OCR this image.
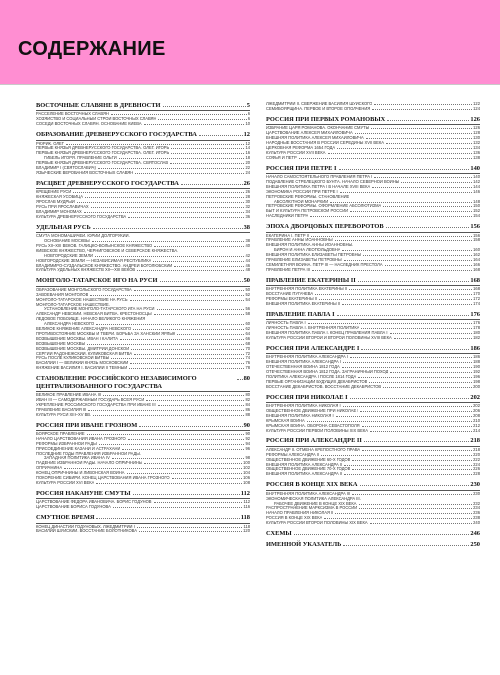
СОДЕРЖАНИЕ
ВОСТОЧНЫЕ СЛАВЯНЕ В ДРЕВНОСТИ	5
РАССЕЛЕНИЕ ВОСТОЧНЫХ СЛАВЯН	6
ХОЗЯЙСТВО И СОЦИАЛЬНЫЙ СТРОЙ ВОСТОЧНЫХ СЛАВЯН	6
СОСЕДИ ВОСТОЧНЫХ СЛАВЯН. ОСНОВАНИЕ КИЕВА	10
ОБРАЗОВАНИЕ ДРЕВНЕРУССКОГО ГОСУДАРСТВА	12
РЮРИК. ОЛЕГ	12
ПЕРВЫЕ КНЯЗЬЯ ДРЕВНЕРУССКОГО ГОСУДАРСТВА. ОЛЕГ. ИГОРЬ	14
ПЕРВЫЕ КНЯЗЬЯ ДРЕВНЕРУССКОГО ГОСУДАРСТВА. ОЛЕГ. ИГОРЬ	16
ГИБЕЛЬ ИГОРЯ. ПРАВЛЕНИЕ ОЛЬГИ	18
ПЕРВЫЕ КНЯЗЬЯ ДРЕВНЕРУССКОГО ГОСУДАРСТВА. СВЯТОСЛАВ	20
ВЛАДИМИР I (СВЯТОСЛАВИЧ)	22
ЯЗЫЧЕСКИЕ ВЕРОВАНИЯ ВОСТОЧНЫХ СЛАВЯН	24
РАСЦВЕТ ДРЕВНЕРУССКОГО ГОСУДАРСТВА	26
КРЕЩЕНИЕ РУСИ	26
КНЯЖЕСКАЯ УСОБИЦА	28
ЯРОСЛАВ МУДРЫЙ	30
РУСЬ ПРИ ЯРОСЛАВИЧАХ	32
ВЛАДИМИР МОНОМАХ	34
КУЛЬТУРА ДРЕВНЕРУССКОГО ГОСУДАРСТВА	36
УДЕЛЬНАЯ РУСЬ	38
СМУТА МОНОМАШИЧЕЙ. ЮРИЙ ДОЛГОРУКИЙ.
ОСНОВАНИЕ МОСКВЫ	38
РУСЬ XII–XIII ВЕКОВ. ГАЛИЦКО-ВОЛЫНСКОЕ КНЯЖЕСТВО	40
КИЕВСКОЕ КНЯЖЕСТВО, ЧЕРНИГОВСКОЕ И СЕВЕРСКОЕ КНЯЖЕСТВА.
НОВГОРОДСКИЕ ЗЕМЛИ	42
НОВГОРОДСКИЕ ЗЕМЛИ — НЕЗАВИСИМАЯ РЕСПУБЛИКА	44
ВЛАДИМИРО-СУЗДАЛЬСКОЕ КНЯЖЕСТВО. АНДРЕЙ БОГОЛЮБСКИЙ	46
КУЛЬТУРА УДЕЛЬНЫХ КНЯЖЕСТВ XII—XIII ВЕКОВ	48
МОНГОЛО-ТАТАРСКОЕ ИГО НА РУСИ	50
ОБРАЗОВАНИЕ МОНГОЛЬСКОГО ГОСУДАРСТВА	50
ЗАВОЕВАНИЯ МОНГОЛОВ	52
МОНГОЛО-ТАТАРСКОЕ НАШЕСТВИЕ НА РУСЬ	54
МОНГОЛО-ТАТАРСКОЕ НАШЕСТВИЕ.
УСТАНОВЛЕНИЕ МОНГОЛО-ТАТАРСКОГО ИГА НА РУСИ	56
АЛЕКСАНДР НЕВСКИЙ. НЕВСКАЯ БИТВА. КРЕСТОНОСЦЫ	58
ЛЕДОВОЕ ПОБОИЩЕ. НАЧАЛО ВЕЛИКОГО КНЯЖЕНИЯ
АЛЕКСАНДРА НЕВСКОГО	60
ВЕЛИКОЕ КНЯЖЕНИЕ АЛЕКСАНДРА НЕВСКОГО	62
ПРОТИВОСТОЯНИЕ МОСКВЫ И ТВЕРИ. БОРЬБА ЗА ХАНСКИЙ ЯРЛЫК	64
ВОЗВЫШЕНИЕ МОСКВЫ. ИВАН I КАЛИТА	66
ВОЗВЫШЕНИЕ МОСКВЫ	68
ВОЗВЫШЕНИЕ МОСКВЫ. ДМИТРИЙ ДОНСКОЙ	70
СЕРГИЙ РАДОНЕЖСКИЙ. КУЛИКОВСКАЯ БИТВА	72
РУСЬ ПОСЛЕ КУЛИКОВСКОЙ БИТВЫ	74
ВАСИЛИЙ I — ВЕЛИКИЙ КНЯЗЬ МОСКОВСКИЙ	76
КНЯЖЕНИЕ ВАСИЛИЯ I. ВАСИЛИЙ II ТЕМНЫЙ	78
СТАНОВЛЕНИЕ РОССИЙСКОГО НЕЗАВИСИМОГО ЦЕНТРАЛИЗОВАННОГО ГОСУДАРСТВА
80
ВЕЛИКОЕ ПРАВЛЕНИЕ ИВАНА III	80
ИВАН III — САМОДЕРЖАВНЫЙ ГОСУДАРЬ ВСЕЯ РУСИ	82
УКРЕПЛЕНИЕ РОССИЙСКОГО ГОСУДАРСТВА ПРИ ИВАНЕ III	84
ПРАВЛЕНИЕ ВАСИЛИЯ III	86
КУЛЬТУРА РУСИ XIII–XV ВВ.	88
РОССИЯ ПРИ ИВАНЕ ГРОЗНОМ	90
БОЯРСКОЕ ПРАВЛЕНИЕ	90
НАЧАЛО ЦАРСТВОВАНИЯ ИВАНА ГРОЗНОГО	92
РЕФОРМЫ ИЗБРАННОЙ РАДЫ	94
ПРИСОЕДИНЕНИЕ КАЗАНИ И АСТРАХАНИ	96
ПОСЛЕДНИЕ ГОДЫ ПРАВЛЕНИЯ ИЗБРАННОЙ РАДЫ.
ЗАПАДНАЯ ПОЛИТИКА ИВАНА IV	98
ПАДЕНИЕ ИЗБРАННОЙ РАДЫ. НАЧАЛО ОПРИЧНИНЫ	100
ОПРИЧНИНА	102
КОНЕЦ ОПРИЧНИНЫ И ЛИВОНСКАЯ ВОЙНА	104
ПОКОРЕНИЕ СИБИРИ. КОНЕЦ ЦАРСТВОВАНИЯ ИВАНА ГРОЗНОГО	106
КУЛЬТУРА РОССИИ XVI ВЕКА	108
РОССИЯ НАКАНУНЕ СМУТЫ	112
ЦАРСТВОВАНИЕ ФЁДОРА ИВАНОВИЧА. БОРИС ГОДУНОВ	112
ЦАРСТВОВАНИЕ БОРИСА ГОДУНОВА	116
СМУТНОЕ ВРЕМЯ	118
КОНЕЦ ДИНАСТИИ ГОДУНОВЫХ. ЛЖЕДМИТРИЙ I	118
ВАСИЛИЙ ШУЙСКИЙ. ВОССТАНИЕ БОЛОТНИКОВА	120
ЛЖЕДМИТРИЙ II. СВЕРЖЕНИЕ ВАСИЛИЯ ШУЙСКОГО	122
СЕМИБОЯРЩИНА. ПЕРВОЕ И ВТОРОЕ ОПОЛЧЕНИЯ	124
РОССИЯ ПРИ ПЕРВЫХ РОМАНОВЫХ	126
ИЗБРАНИЕ ЦАРЯ РОМАНОВА. ОКОНЧАНИЕ СМУТЫ	126
ЦАРСТВОВАНИЕ АЛЕКСЕЯ МИХАЙЛОВИЧА	128
ВНЕШНЯЯ ПОЛИТИКА АЛЕКСЕЯ МИХАЙЛОВИЧА	130
НАРОДНЫЕ ВОССТАНИЯ В РОССИИ СЕРЕДИНЫ XVII ВЕКА	132
ЦЕРКОВНАЯ РЕФОРМА 1654 ГОДА	134
КУЛЬТУРА РОССИИ XVII ВЕКА	136
СОФЬЯ И ПЁТР	138
РОССИЯ ПРИ ПЕТРЕ I	140
НАЧАЛО САМОСТОЯТЕЛЬНОГО ПРАВЛЕНИЯ ПЕТРА I	140
ПОДАВЛЕНИЕ СТРЕЛЕЦКОГО БУНТА. НАЧАЛО СЕВЕРНОЙ ВОЙНЫ	142
ВНЕШНЯЯ ПОЛИТИКА ПЕТРА I В НАЧАЛЕ XVIII ВЕКА	144
ЭКОНОМИКА РОССИИ ПРИ ПЕТРЕ I	146
ПЕТРОВСКИЕ РЕФОРМЫ. СТАНОВЛЕНИЕ
АБСОЛЮТНОЙ МОНАРХИИ	148
ПЕТРОВСКИЕ РЕФОРМЫ. ОФОРМЛЕНИЕ АБСОЛЮТИЗМА	150
БЫТ И КУЛЬТУРА ПЕТРОВСКОЙ РОССИИ	152
НАСЛЕДНИКИ ПЕТРА	154
ЭПОХА ДВОРЦОВЫХ ПЕРЕВОРОТОВ	156
ЕКАТЕРИНА I. ПЁТР II	156
ПРАВЛЕНИЕ АННЫ ИОАННОВНЫ	158
ВНЕШНЯЯ ПОЛИТИКА АННЫ ИОАННОВНЫ.
БИРОН И АННА ЛЕОПОЛЬДОВНА	160
ВНЕШНЯЯ ПОЛИТИКА ЕЛИЗАВЕТЫ ПЕТРОВНЫ	162
ПРАВЛЕНИЕ ЕЛИЗАВЕТЫ ПЕТРОВНЫ	164
СЕМИЛЕТНЯЯ ВОЙНА. ПЁТР III — НАСЛЕДНИК ПРЕСТОЛА	166
ПРАВЛЕНИЕ ПЕТРА III	168
ПРАВЛЕНИЕ ЕКАТЕРИНЫ II	168
ВНУТРЕННЯЯ ПОЛИТИКА ЕКАТЕРИНЫ II	168
ВОССТАНИЕ ПУГАЧЁВА	170
РЕФОРМЫ ЕКАТЕРИНЫ II	172
ВНЕШНЯЯ ПОЛИТИКА ЕКАТЕРИНЫ II	174
ПРАВЛЕНИЕ ПАВЛА I	176
ЛИЧНОСТЬ ПАВЛА I	176
ЛИЧНОСТЬ ПАВЛА I. ВНУТРЕННЯЯ ПОЛИТИКА	178
ВНЕШНЯЯ ПОЛИТИКА ПАВЛА I. КОНЕЦ ПРАВЛЕНИЯ ПАВЛА I	180
КУЛЬТУРА РОССИИ ВТОРОЙ И ВТОРОЙ ПОЛОВИНЫ XVIII ВЕКА	182
РОССИЯ ПРИ АЛЕКСАНДРЕ I	186
ВНУТРЕННЯЯ ПОЛИТИКА АЛЕКСАНДРА I	186
ВНЕШНЯЯ ПОЛИТИКА АЛЕКСАНДРА I	188
ОТЕЧЕСТВЕННАЯ ВОЙНА 1812 ГОДА	190
ОТЕЧЕСТВЕННАЯ ВОЙНА 1812 ГОДА. ЗАГРАНИЧНЫЙ ПОХОД	192
ПОЛИТИКА АЛЕКСАНДРА I ПОСЛЕ 1814 ГОДА	196
ПЕРВЫЕ ОРГАНИЗАЦИИ БУДУЩИХ ДЕКАБРИСТОВ	198
ВОССТАНИЕ ДЕКАБРИСТОВ. ВОССТАНИЕ ДЕКАБРИСТОВ	200
РОССИЯ ПРИ НИКОЛАЕ I	202
ВНУТРЕННЯЯ ПОЛИТИКА НИКОЛАЯ I	202
ОБЩЕСТВЕННОЕ ДВИЖЕНИЕ ПРИ НИКОЛАЕ I	206
ВНЕШНЯЯ ПОЛИТИКА НИКОЛАЯ I	208
КРЫМСКАЯ ВОЙНА	210
КРЫМСКАЯ ВОЙНА. ОБОРОНА СЕВАСТОПОЛЯ	212
КУЛЬТУРА РОССИИ ПЕРВОЙ ПОЛОВИНЫ XIX ВЕКА	214
РОССИЯ ПРИ АЛЕКСАНДРЕ II	218
АЛЕКСАНДР II. ОТМЕНА КРЕПОСТНОГО ПРАВА	218
РЕФОРМЫ АЛЕКСАНДРА II	220
ОБЩЕСТВЕННОЕ ДВИЖЕНИЕ 60-Х ГОДОВ	222
ВНЕШНЯЯ ПОЛИТИКА АЛЕКСАНДРА II	224
ОБЩЕСТВЕННОЕ ДВИЖЕНИЕ 70-Х ГОДОВ	226
ВНЕШНЯЯ ПОЛИТИКА АЛЕКСАНДРА II	228
РОССИЯ В КОНЦЕ XIX ВЕКА	230
ВНУТРЕННЯЯ ПОЛИТИКА АЛЕКСАНДРА III	230
ЭКОНОМИЧЕСКАЯ ПОЛИТИКА АЛЕКСАНДРА III.
РАБОЧЕЕ ДВИЖЕНИЕ В КОНЦЕ XIX ВЕКА	232
РАСПРОСТРАНЕНИЕ МАРКСИЗМА В РОССИИ	234
НАЧАЛО ПРАВЛЕНИЯ НИКОЛАЯ II	236
РОССИЯ В КОНЦЕ XIX ВЕКА	238
КУЛЬТУРА РОССИИ ВТОРОЙ ПОЛОВИНЫ XIX ВЕКА	240
СХЕМЫ	246
ИМЕННОЙ УКАЗАТЕЛЬ	250
